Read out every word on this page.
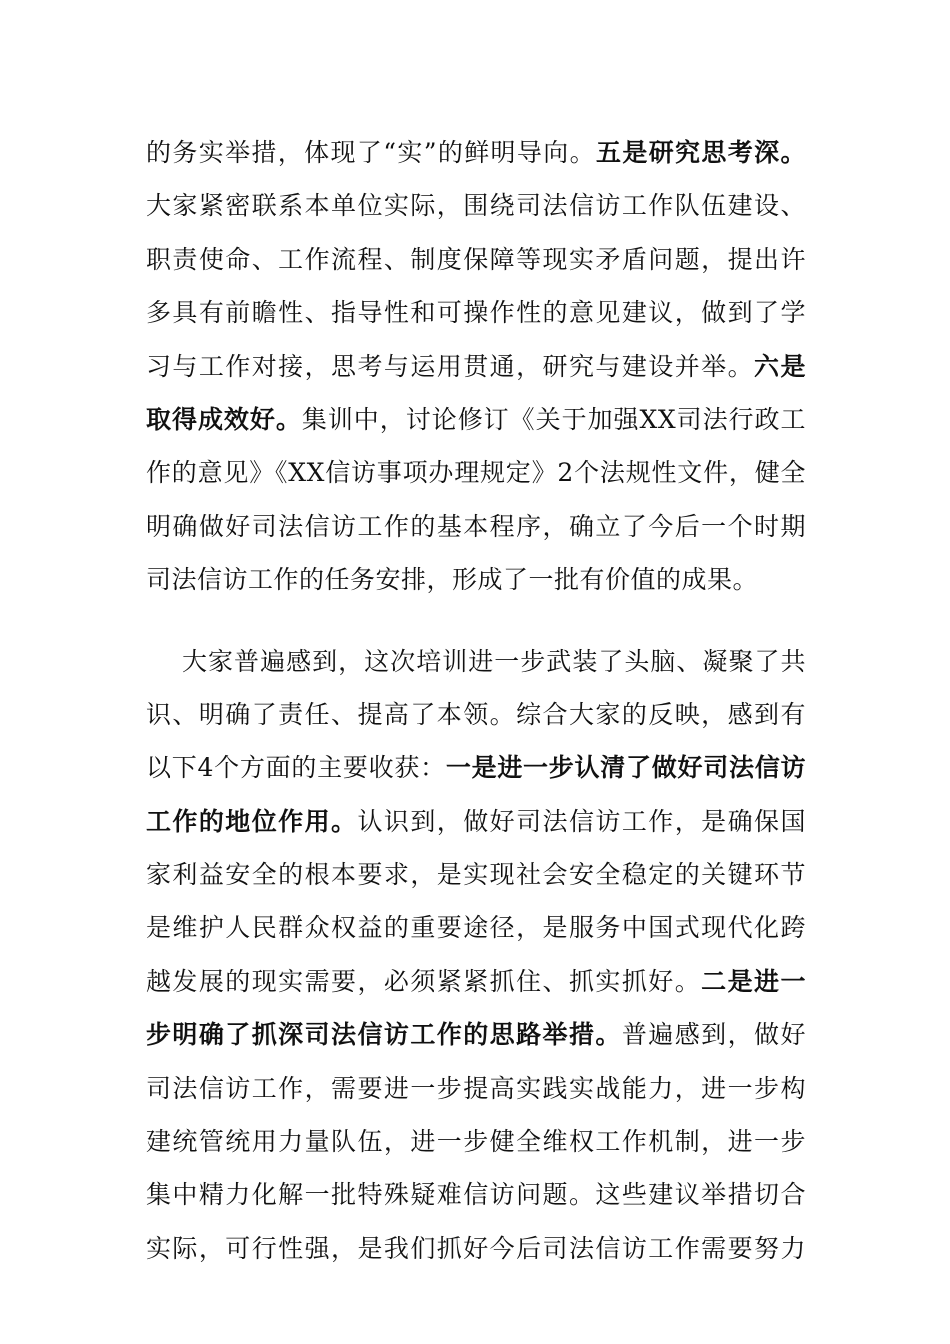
的务实举措，体现了“实”的鲜明导向。五是研究思考深。
大家紧密联系本单位实际，围绕司法信访工作队伍建设、
职责使命、工作流程、制度保障等现实矛盾问题，提出许
多具有前瞻性、指导性和可操作性的意见建议，做到了学
习与工作对接，思考与运用贯通，研究与建设并举。六是
取得成效好。集训中，讨论修订《关于加强XX司法行政工
作的意见》《XX信访事项办理规定》2个法规性文件，健全
明确做好司法信访工作的基本程序，确立了今后一个时期
司法信访工作的任务安排，形成了一批有价值的成果。
大家普遍感到，这次培训进一步武装了头脑、凝聚了共
识、明确了责任、提高了本领。综合大家的反映，感到有
以下4个方面的主要收获：一是进一步认清了做好司法信访
工作的地位作用。认识到，做好司法信访工作，是确保国
家利益安全的根本要求，是实现社会安全稳定的关键环节
是维护人民群众权益的重要途径，是服务中国式现代化跨
越发展的现实需要，必须紧紧抓住、抓实抓好。二是进一
步明确了抓深司法信访工作的思路举措。普遍感到，做好
司法信访工作，需要进一步提高实践实战能力，进一步构
建统管统用力量队伍，进一步健全维权工作机制，进一步
集中精力化解一批特殊疑难信访问题。这些建议举措切合
实际，可行性强，是我们抓好今后司法信访工作需要努力
